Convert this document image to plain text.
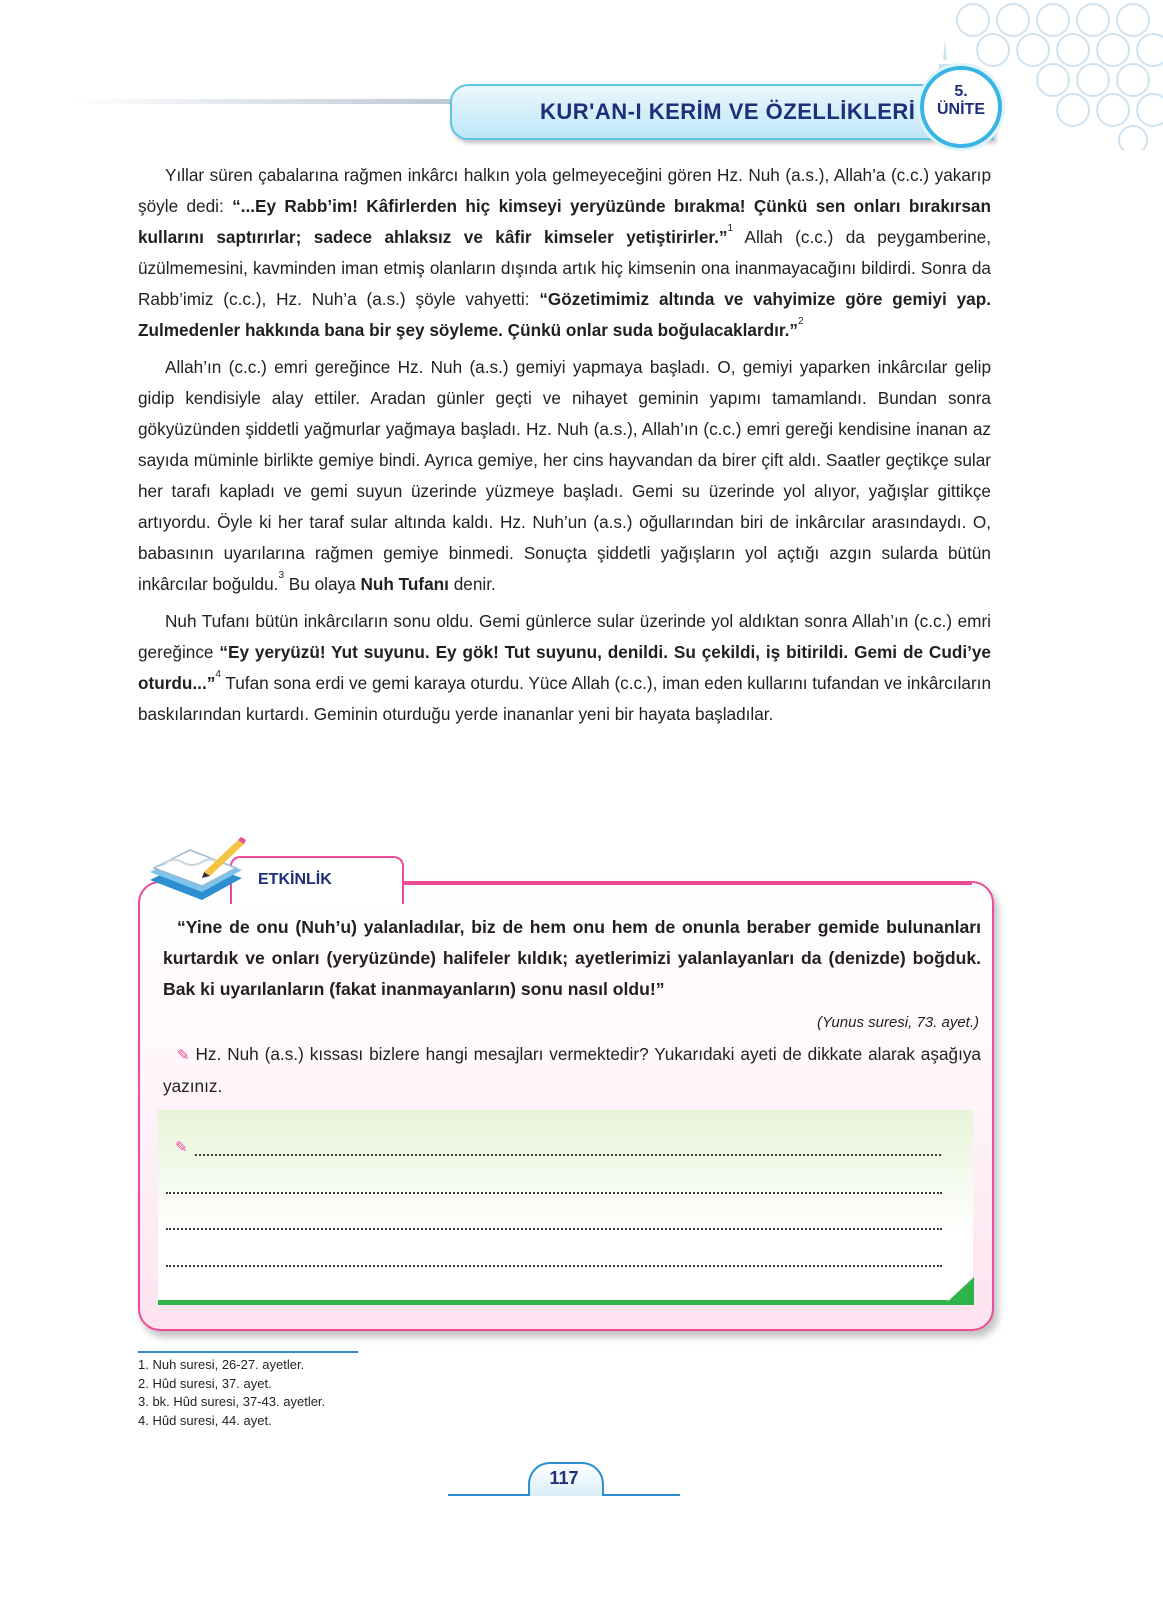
KUR'AN-I KERİM VE ÖZELLİKLERİ
5.
ÜNİTE

Yıllar süren çabalarına rağmen inkârcı halkın yola gelmeyeceğini gören Hz. Nuh (a.s.), Allah’a (c.c.) yakarıp şöyle dedi: “...Ey Rabb’im! Kâfirlerden hiç kimseyi yeryüzünde bırakma! Çünkü sen onları bırakırsan kullarını saptırırlar; sadece ahlaksız ve kâfir kimseler yetiştirirler.”$^1$ Allah (c.c.) da peygamberine, üzülmemesini, kavminden iman etmiş olanların dışında artık hiç kimsenin ona inanmayacağını bildirdi. Sonra da Rabb’imiz (c.c.), Hz. Nuh’a (a.s.) şöyle vahyetti: “Gözetimimiz altında ve vahyimize göre gemiyi yap. Zulmedenler hakkında bana bir şey söyleme. Çünkü onlar suda boğulacaklardır.”$^2$

Allah’ın (c.c.) emri gereğince Hz. Nuh (a.s.) gemiyi yapmaya başladı. O, gemiyi yaparken inkârcılar gelip gidip kendisiyle alay ettiler. Aradan günler geçti ve nihayet geminin yapımı tamamlandı. Bundan sonra gökyüzünden şiddetli yağmurlar yağmaya başladı. Hz. Nuh (a.s.), Allah’ın (c.c.) emri gereği kendisine inanan az sayıda müminle birlikte gemiye bindi. Ayrıca gemiye, her cins hayvandan da birer çift aldı. Saatler geçtikçe sular her tarafı kapladı ve gemi suyun üzerinde yüzmeye başladı. Gemi su üzerinde yol alıyor, yağışlar gittikçe artıyordu. Öyle ki her taraf sular altında kaldı. Hz. Nuh’un (a.s.) oğullarından biri de inkârcılar arasındaydı. O, babasının uyarılarına rağmen gemiye binmedi. Sonuçta şiddetli yağışların yol açtığı azgın sularda bütün inkârcılar boğuldu.$^3$ Bu olaya Nuh Tufanı denir.

Nuh Tufanı bütün inkârcıların sonu oldu. Gemi günlerce sular üzerinde yol aldıktan sonra Allah’ın (c.c.) emri gereğince “Ey yeryüzü! Yut suyunu. Ey gök! Tut suyunu, denildi. Su çekildi, iş bitirildi. Gemi de Cudi’ye oturdu...”$^4$ Tufan sona erdi ve gemi karaya oturdu. Yüce Allah (c.c.), iman eden kullarını tufandan ve inkârcıların baskılarından kurtardı. Geminin oturduğu yerde inananlar yeni bir hayata başladılar.

ETKİNLİK
“Yine de onu (Nuh’u) yalanladılar, biz de hem onu hem de onunla beraber gemide bulunanları kurtardık ve onları (yeryüzünde) halifeler kıldık; ayetlerimizi yalanlayanları da (denizde) boğduk. Bak ki uyarılanların (fakat inanmayanların) sonu nasıl oldu!”
(Yunus suresi, 73. ayet.)
✎ Hz. Nuh (a.s.) kıssası bizlere hangi mesajları vermektedir? Yukarıdaki ayeti de dikkate alarak aşağıya yazınız.
✎
1. Nuh suresi, 26-27. ayetler.
2. Hûd suresi, 37. ayet.
3. bk. Hûd suresi, 37-43. ayetler.
4. Hûd suresi, 44. ayet.
117
